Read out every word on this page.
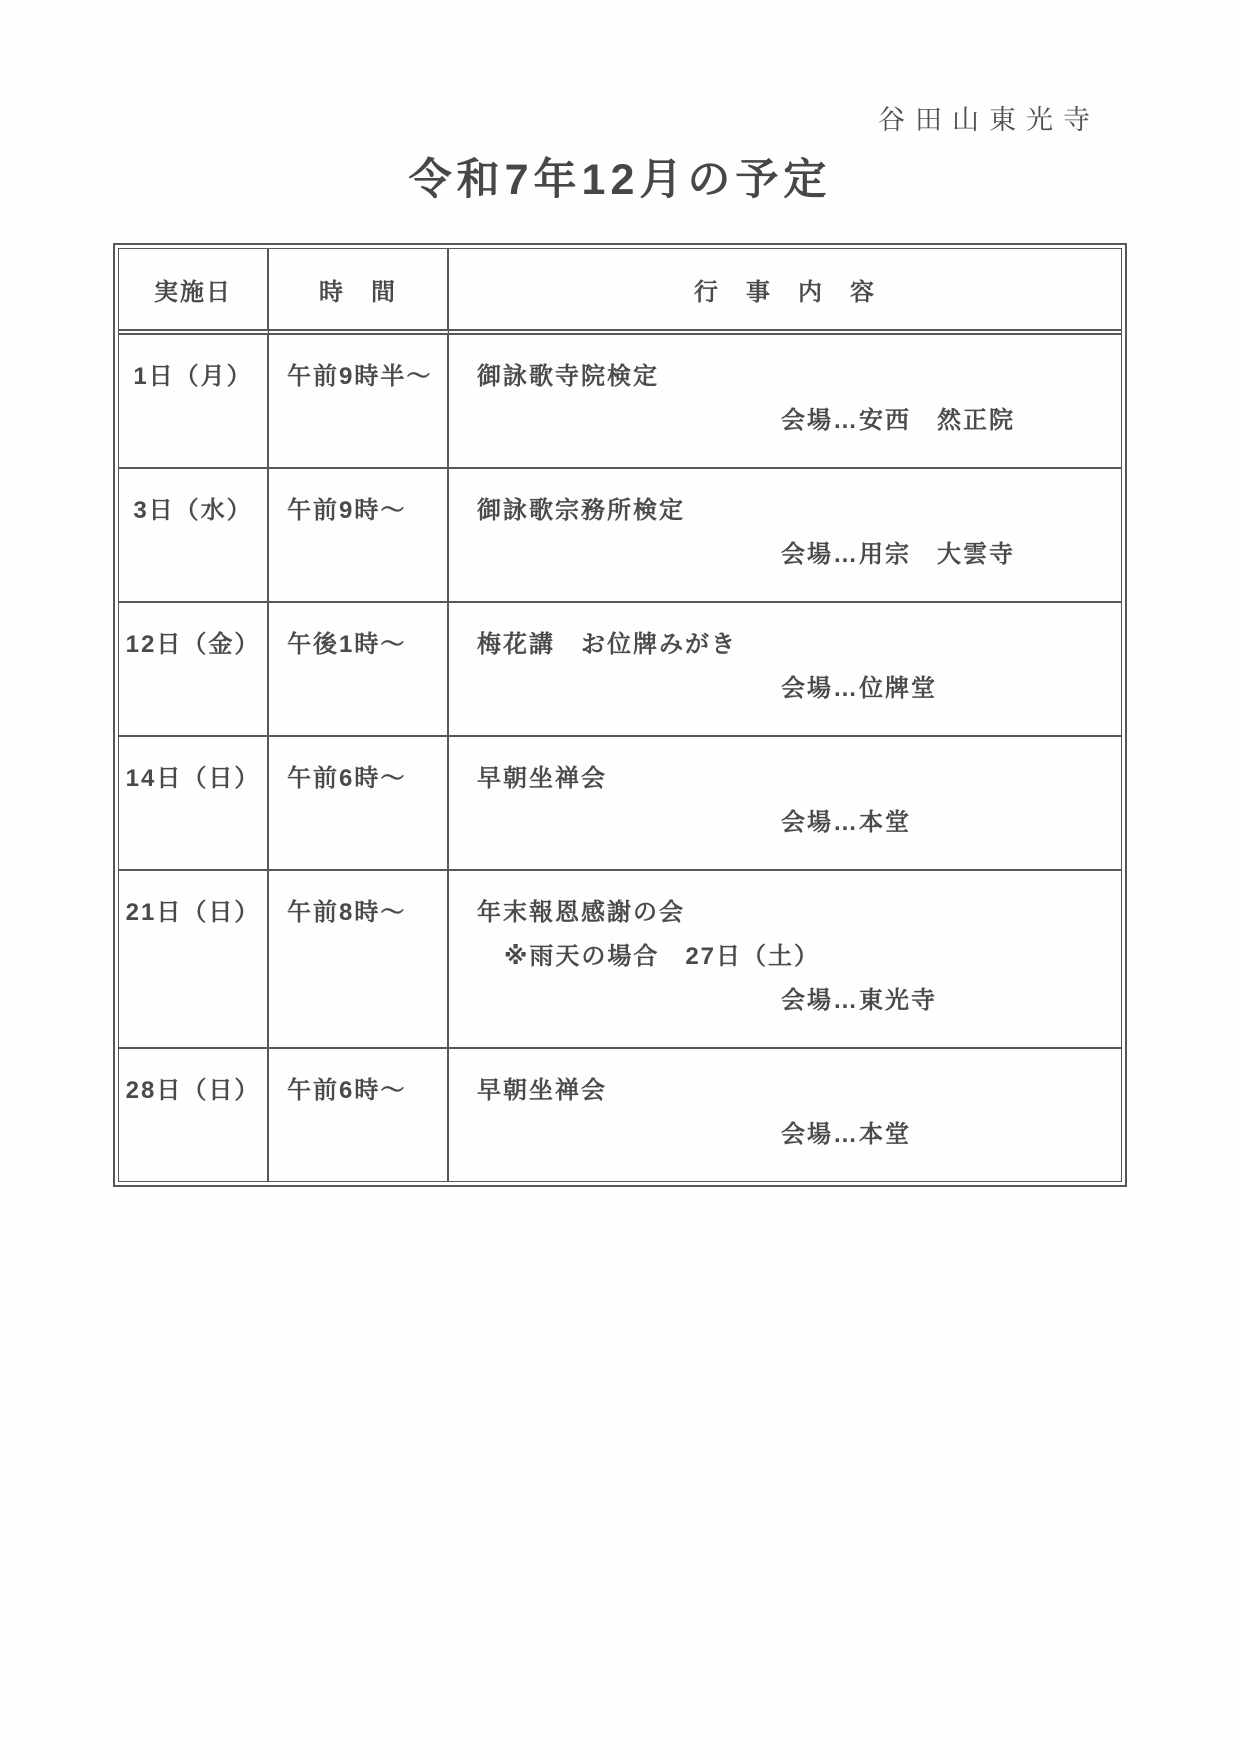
谷田山東光寺
令和7年12月の予定
実施日	時　間	行　事　内　容
1日（月）	午前9時半～	御詠歌寺院検定
会場…安西　然正院
3日（水）	午前9時～	御詠歌宗務所検定
会場…用宗　大雲寺
12日（金）	午後1時～	梅花講　お位牌みがき
会場…位牌堂
14日（日）	午前6時～	早朝坐禅会
会場…本堂
21日（日）	午前8時～	年末報恩感謝の会
※雨天の場合　27日（土）
会場…東光寺
28日（日）	午前6時～	早朝坐禅会
会場…本堂
